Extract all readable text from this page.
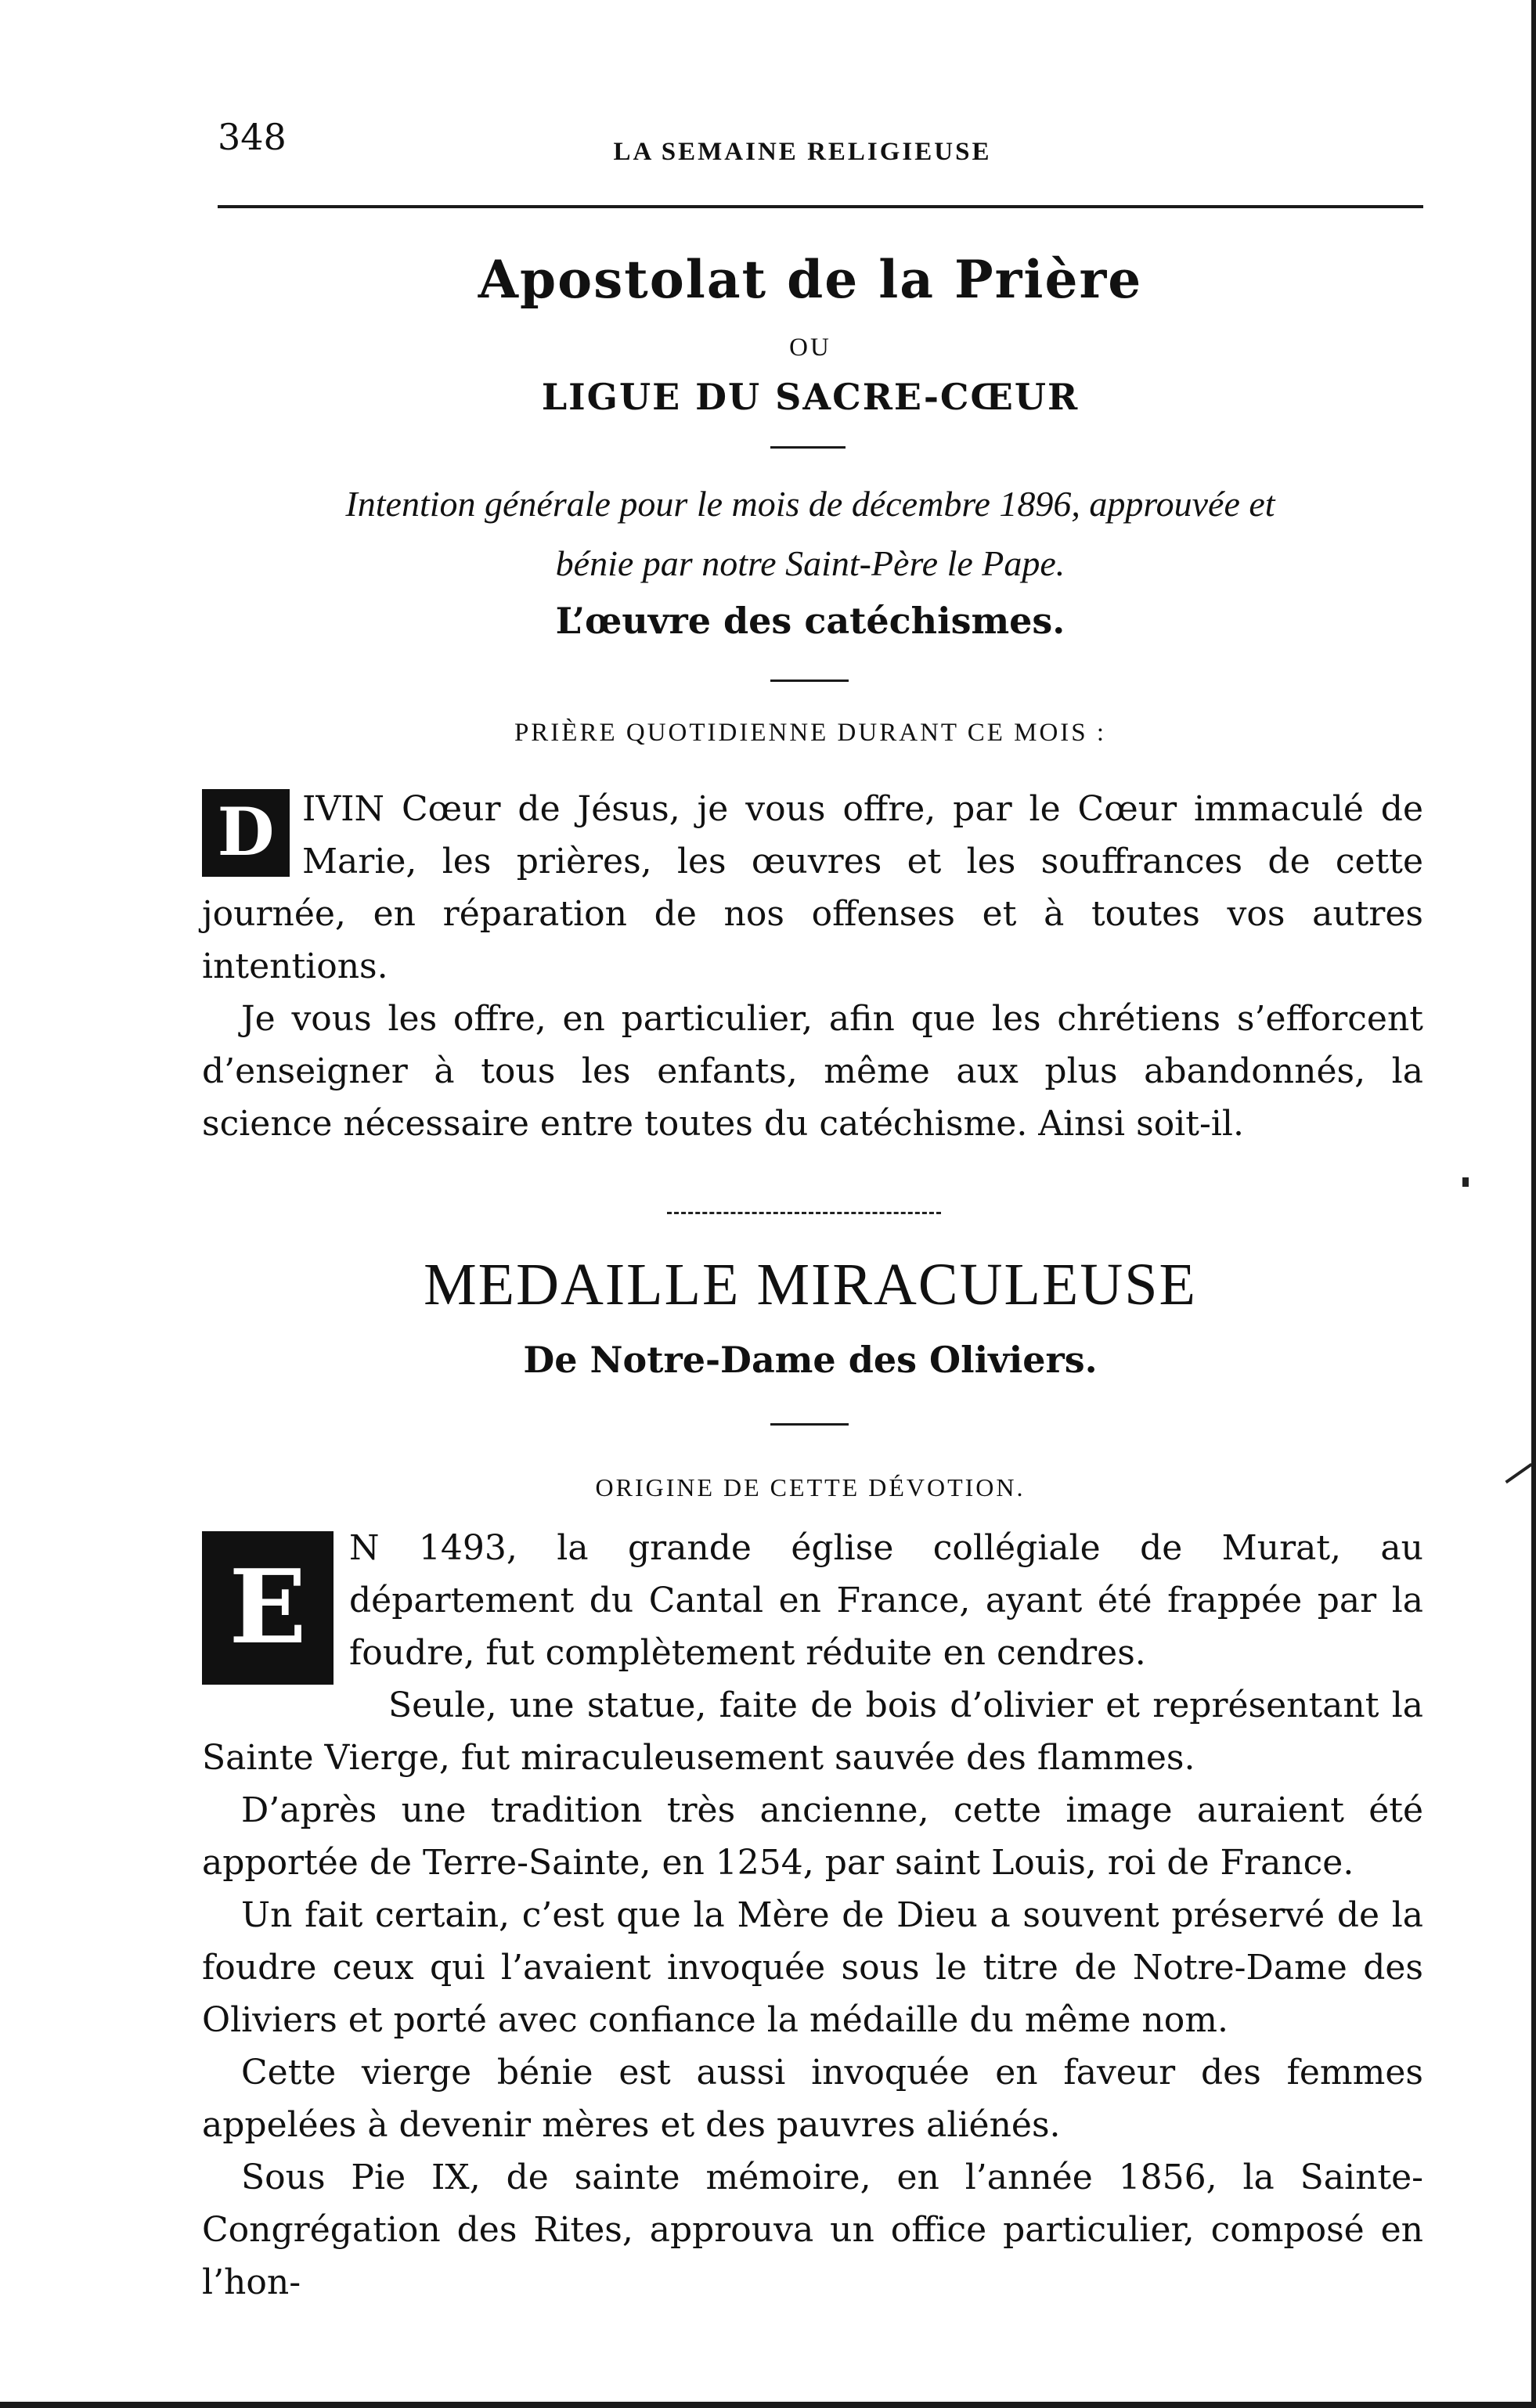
348	LA SEMAINE RELIGIEUSE
Apostolat de la Prière
OU
LIGUE DU SACRE-CŒUR
Intention générale pour le mois de décembre 1896, approuvée et
bénie par notre Saint-Père le Pape.
L’œuvre des catéchismes.
PRIÈRE QUOTIDIENNE DURANT CE MOIS :

D IVIN Cœur de Jésus, je vous offre, par le Cœur immaculé de Marie, les prières, les œuvres et les souffrances de cette journée, en réparation de nos offenses et à toutes vos autres intentions.

Je vous les offre, en particulier, afin que les chrétiens s’efforcent d’enseigner à tous les enfants, même aux plus abandonnés, la science nécessaire entre toutes du catéchisme. Ainsi soit-il.

MEDAILLE MIRACULEUSE
De Notre-Dame des Oliviers.
ORIGINE DE CETTE DÉVOTION.

E	N 1493, la grande église collégiale de Murat, au département du Cantal en France, ayant été frappée par la foudre, fut complètement réduite en cendres.

Seule, une statue, faite de bois d’olivier et représentant la Sainte Vierge, fut miraculeusement sauvée des flammes.

D’après une tradition très ancienne, cette image auraient été apportée de Terre-Sainte, en 1254, par saint Louis, roi de France.

Un fait certain, c’est que la Mère de Dieu a souvent préservé de la foudre ceux qui l’avaient invoquée sous le titre de Notre-Dame des Oliviers et porté avec confiance la médaille du même nom.

Cette vierge bénie est aussi invoquée en faveur des femmes appelées à devenir mères et des pauvres aliénés.

Sous Pie IX, de sainte mémoire, en l’année 1856, la Sainte-Congrégation des Rites, approuva un office particulier, composé en l’hon-
